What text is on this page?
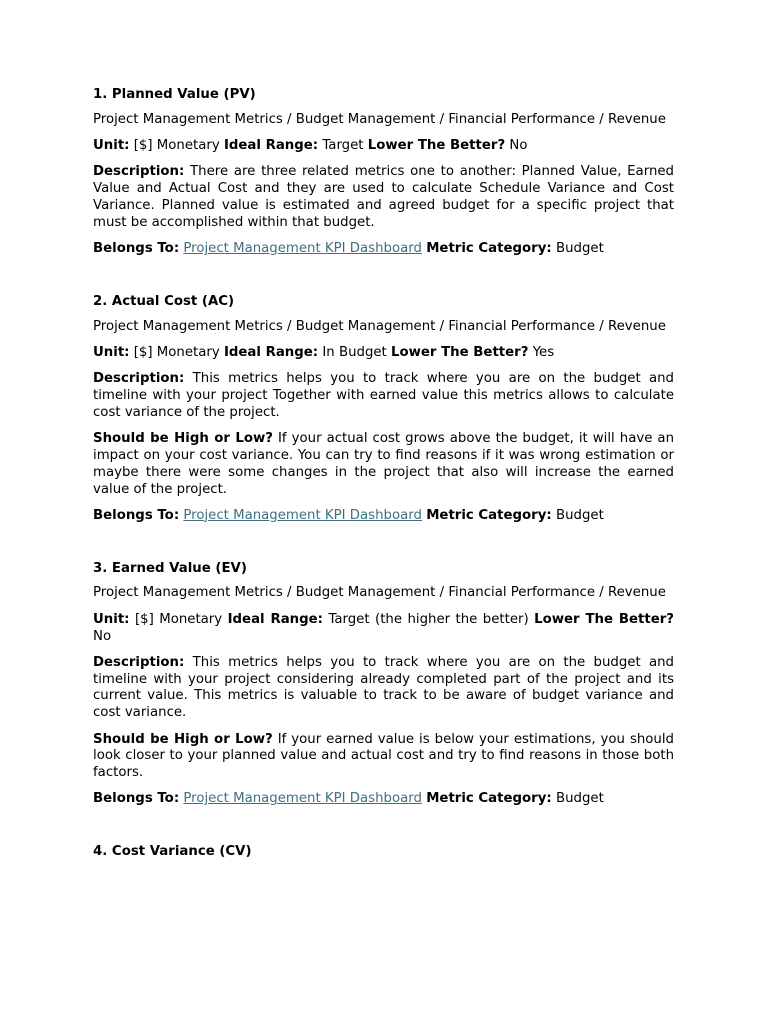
1. Planned Value (PV)

Project Management Metrics / Budget Management / Financial Performance / Revenue

Unit: [$] Monetary Ideal Range: Target Lower The Better? No

Description: There are three related metrics one to another: Planned Value, Earned Value and Actual Cost and they are used to calculate Schedule Variance and Cost Variance. Planned value is estimated and agreed budget for a specific project that must be accomplished within that budget.

Belongs To: Project Management KPI Dashboard Metric Category: Budget

2. Actual Cost (AC)

Project Management Metrics / Budget Management / Financial Performance / Revenue

Unit: [$] Monetary Ideal Range: In Budget Lower The Better? Yes

Description: This metrics helps you to track where you are on the budget and timeline with your project Together with earned value this metrics allows to calculate cost variance of the project.

Should be High or Low? If your actual cost grows above the budget, it will have an impact on your cost variance. You can try to find reasons if it was wrong estimation or maybe there were some changes in the project that also will increase the earned value of the project.

Belongs To: Project Management KPI Dashboard Metric Category: Budget

3. Earned Value (EV)

Project Management Metrics / Budget Management / Financial Performance / Revenue

Unit: [$] Monetary Ideal Range: Target (the higher the better) Lower The Better? No

Description: This metrics helps you to track where you are on the budget and timeline with your project considering already completed part of the project and its current value. This metrics is valuable to track to be aware of budget variance and cost variance.

Should be High or Low? If your earned value is below your estimations, you should look closer to your planned value and actual cost and try to find reasons in those both factors.

Belongs To: Project Management KPI Dashboard Metric Category: Budget

4. Cost Variance (CV)
